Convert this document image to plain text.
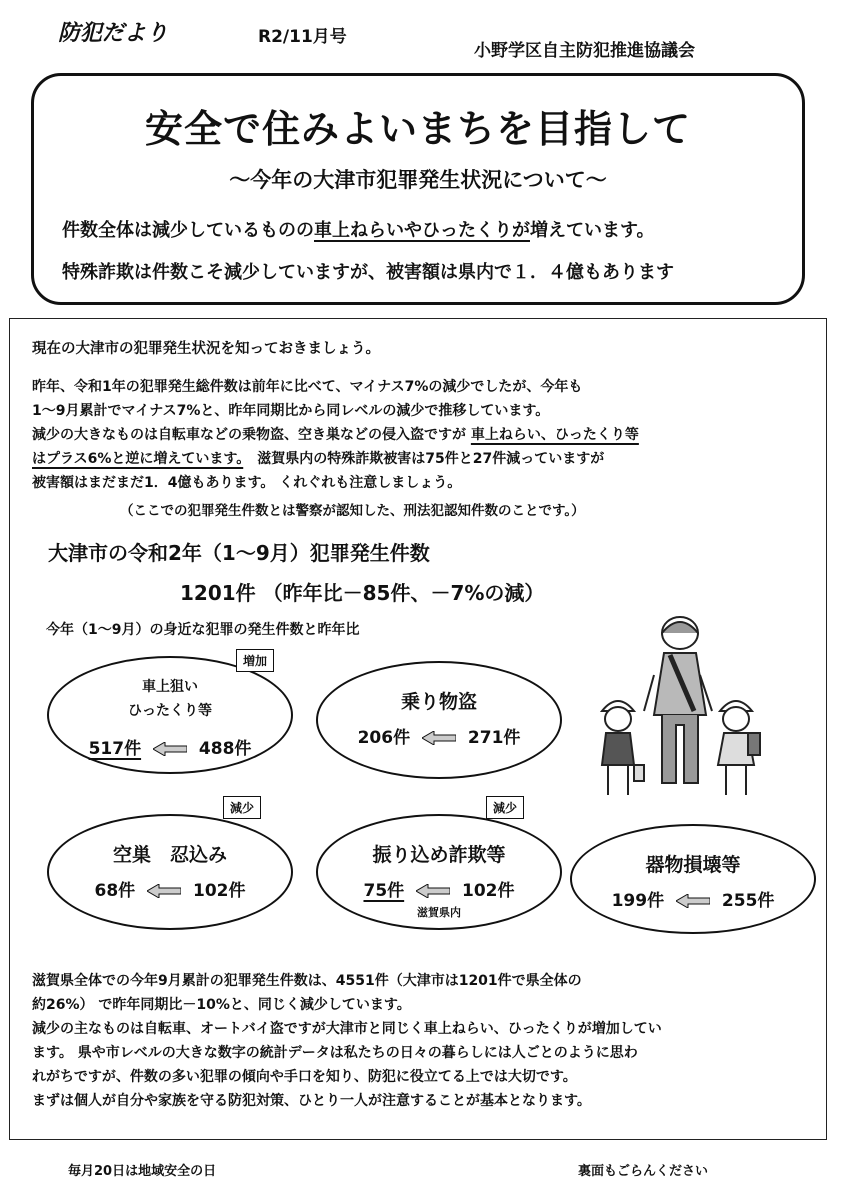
防犯だより	R2/11月号
小野学区自主防犯推進協議会
安全で住みよいまちを目指して
～今年の大津市犯罪発生状況について～
件数全体は減少しているものの車上ねらいやひったくりが増えています。
特殊詐欺は件数こそ減少していますが、被害額は県内で１．４億もあります
現在の大津市の犯罪発生状況を知っておきましょう。
昨年、令和1年の犯罪発生総件数は前年に比べて、マイナス7%の減少でしたが、今年も
1～9月累計でマイナス7%と、昨年同期比から同レベルの減少で推移しています。
減少の大きなものは自転車などの乗物盗、空き巣などの侵入盗ですが 車上ねらい、ひったくり等
はプラス6%と逆に増えています。　滋賀県内の特殊詐欺被害は75件と27件減っていますが
被害額はまだまだ1．4億もあります。 くれぐれも注意しましょう。
（ここでの犯罪発生件数とは警察が認知した、刑法犯認知件数のことです。）
大津市の令和2年（1～9月）犯罪発生件数
1201件 （昨年比－85件、－7%の減）
今年（1～9月）の身近な犯罪の発生件数と昨年比
車上狙い
ひったくり等
517件	488件
増加
乗り物盗
206件	271件
空巣　忍込み
68件	102件
減少
振り込め詐欺等
75件	102件
滋賀県内
減少
器物損壊等
199件	255件
滋賀県全体での今年9月累計の犯罪発生件数は、4551件（大津市は1201件で県全体の
約26%） で昨年同期比－10%と、同じく減少しています。
減少の主なものは自転車、オートバイ盗ですが大津市と同じく車上ねらい、ひったくりが増加してい
ます。 県や市レベルの大きな数字の統計データは私たちの日々の暮らしには人ごとのように思わ
れがちですが、件数の多い犯罪の傾向や手口を知り、防犯に役立てる上では大切です。
まずは個人が自分や家族を守る防犯対策、ひとり一人が注意することが基本となります。
毎月20日は地域安全の日	裏面もごらんください
